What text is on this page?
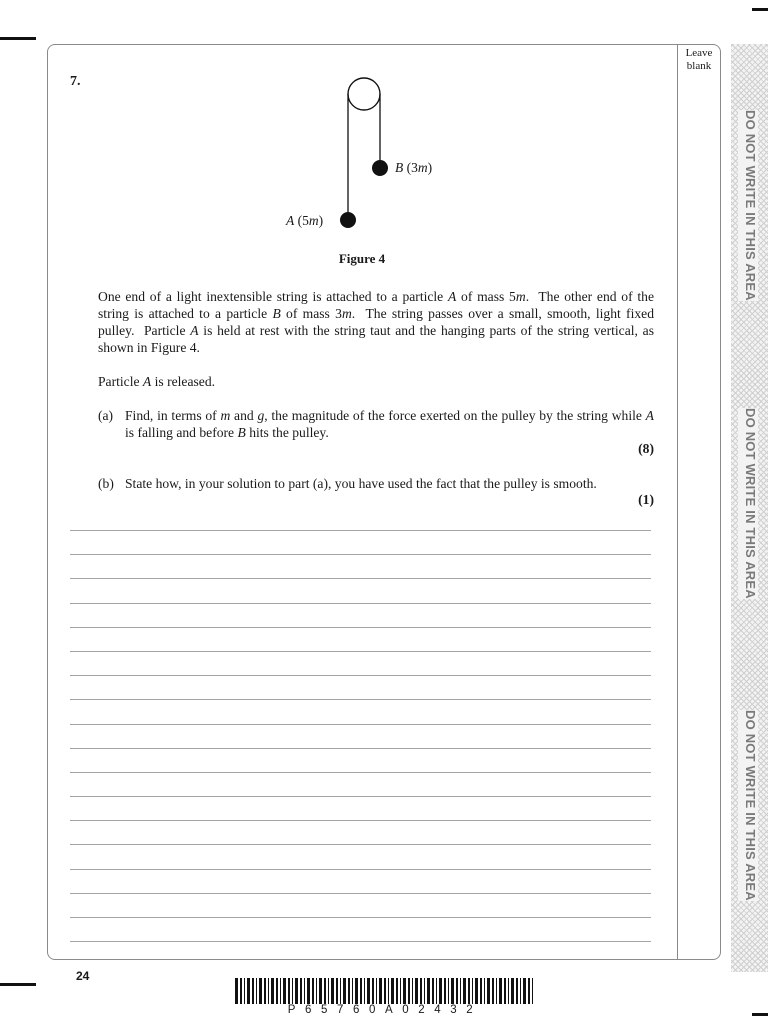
DO NOT WRITE IN THIS AREA
DO NOT WRITE IN THIS AREA
DO NOT WRITE IN THIS AREA
Leave
blank
7.
B (3m)
A (5m)
Figure 4

One end of a light inextensible string is attached to a particle A of mass 5m.  The other end of the string is attached to a particle B of mass 3m.  The string passes over a small, smooth, light fixed pulley.  Particle A is held at rest with the string taut and the hanging parts of the string vertical, as shown in Figure 4.

Particle A is released.

(a) Find, in terms of m and g, the magnitude of the force exerted on the pulley by the string while A is falling and before B hits the pulley.
(8)
(b) State how, in your solution to part (a), you have used the fact that the pulley is smooth.
(1)
24
P65760A02432
